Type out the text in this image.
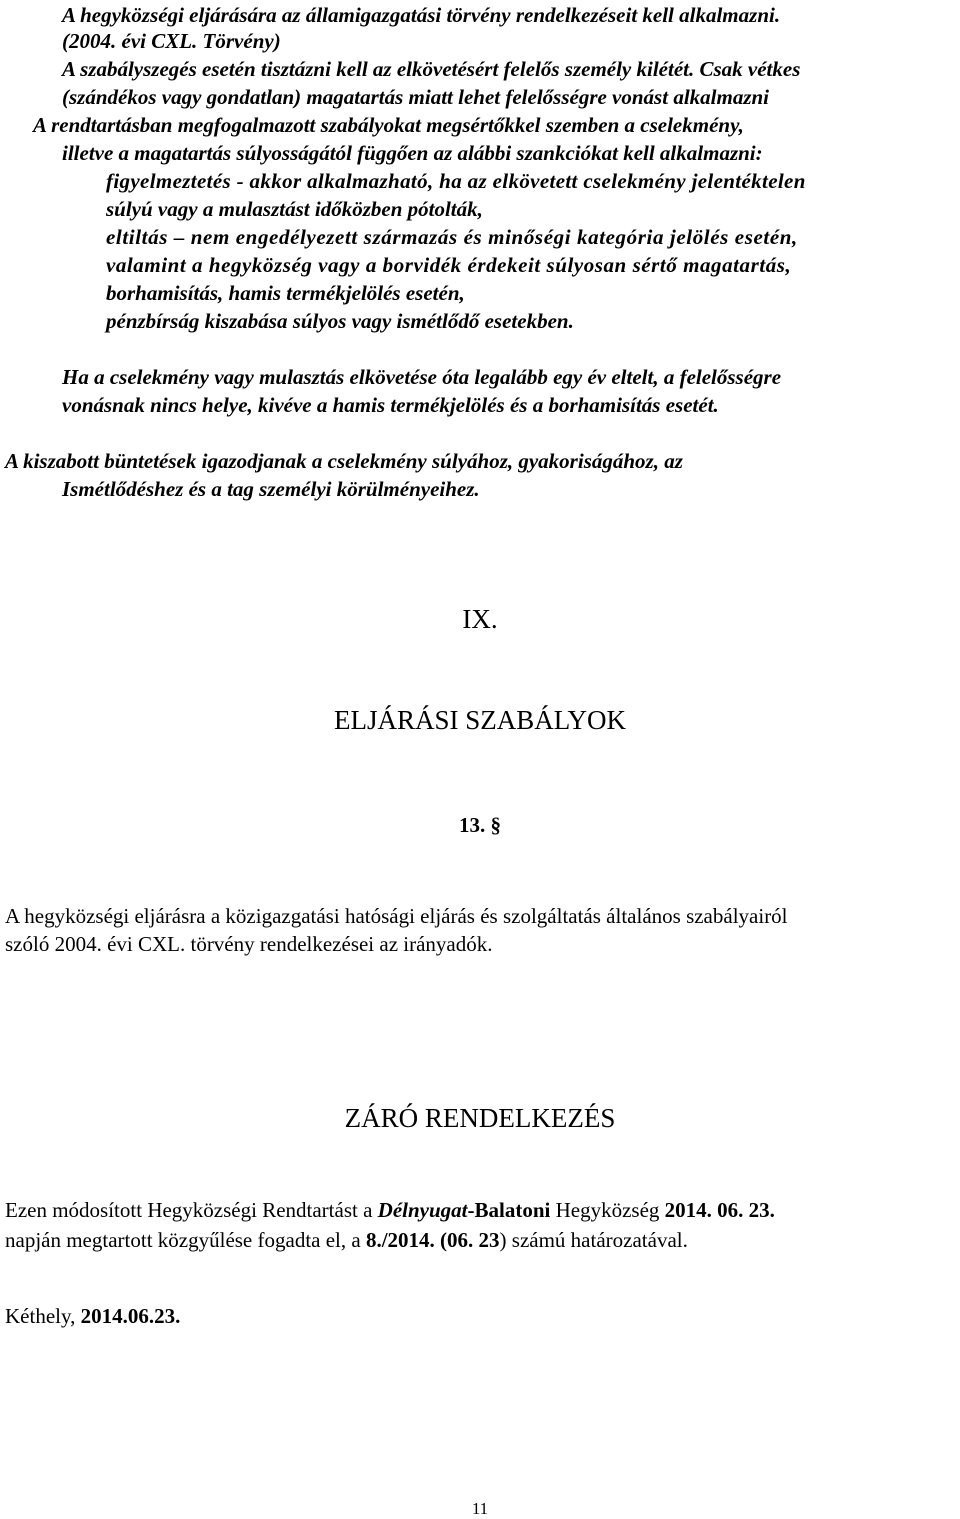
A hegyközségi eljárására az államigazgatási törvény rendelkezéseit kell alkalmazni.
(2004. évi CXL. Törvény)
A szabályszegés esetén tisztázni kell az elkövetésért felelős személy kilétét. Csak vétkes
(szándékos vagy gondatlan) magatartás miatt lehet felelősségre vonást alkalmazni
A rendtartásban megfogalmazott szabályokat megsértőkkel szemben a cselekmény,
illetve a magatartás súlyosságától függően az alábbi szankciókat kell alkalmazni:
figyelmeztetés - akkor alkalmazható, ha az elkövetett cselekmény jelentéktelen
súlyú vagy a mulasztást időközben pótolták,
eltiltás – nem engedélyezett származás és minőségi kategória jelölés esetén,
valamint a hegyközség vagy a borvidék érdekeit súlyosan sértő magatartás,
borhamisítás, hamis termékjelölés esetén,
pénzbírság kiszabása súlyos vagy ismétlődő esetekben.
Ha a cselekmény vagy mulasztás elkövetése óta legalább egy év eltelt, a felelősségre
vonásnak nincs helye, kivéve a hamis termékjelölés és a borhamisítás esetét.
A kiszabott büntetések igazodjanak a cselekmény súlyához, gyakoriságához, az
Ismétlődéshez és a tag személyi körülményeihez.
IX.
ELJÁRÁSI SZABÁLYOK
13. §
A hegyközségi eljárásra a közigazgatási hatósági eljárás és szolgáltatás általános szabályairól
szóló 2004. évi CXL. törvény rendelkezései az irányadók.
ZÁRÓ RENDELKEZÉS
Ezen módosított Hegyközségi Rendtartást a Délnyugat-Balatoni Hegyközség 2014. 06. 23.
napján megtartott közgyűlése fogadta el, a 8./2014. (06. 23) számú határozatával.
Kéthely, 2014.06.23.
11
